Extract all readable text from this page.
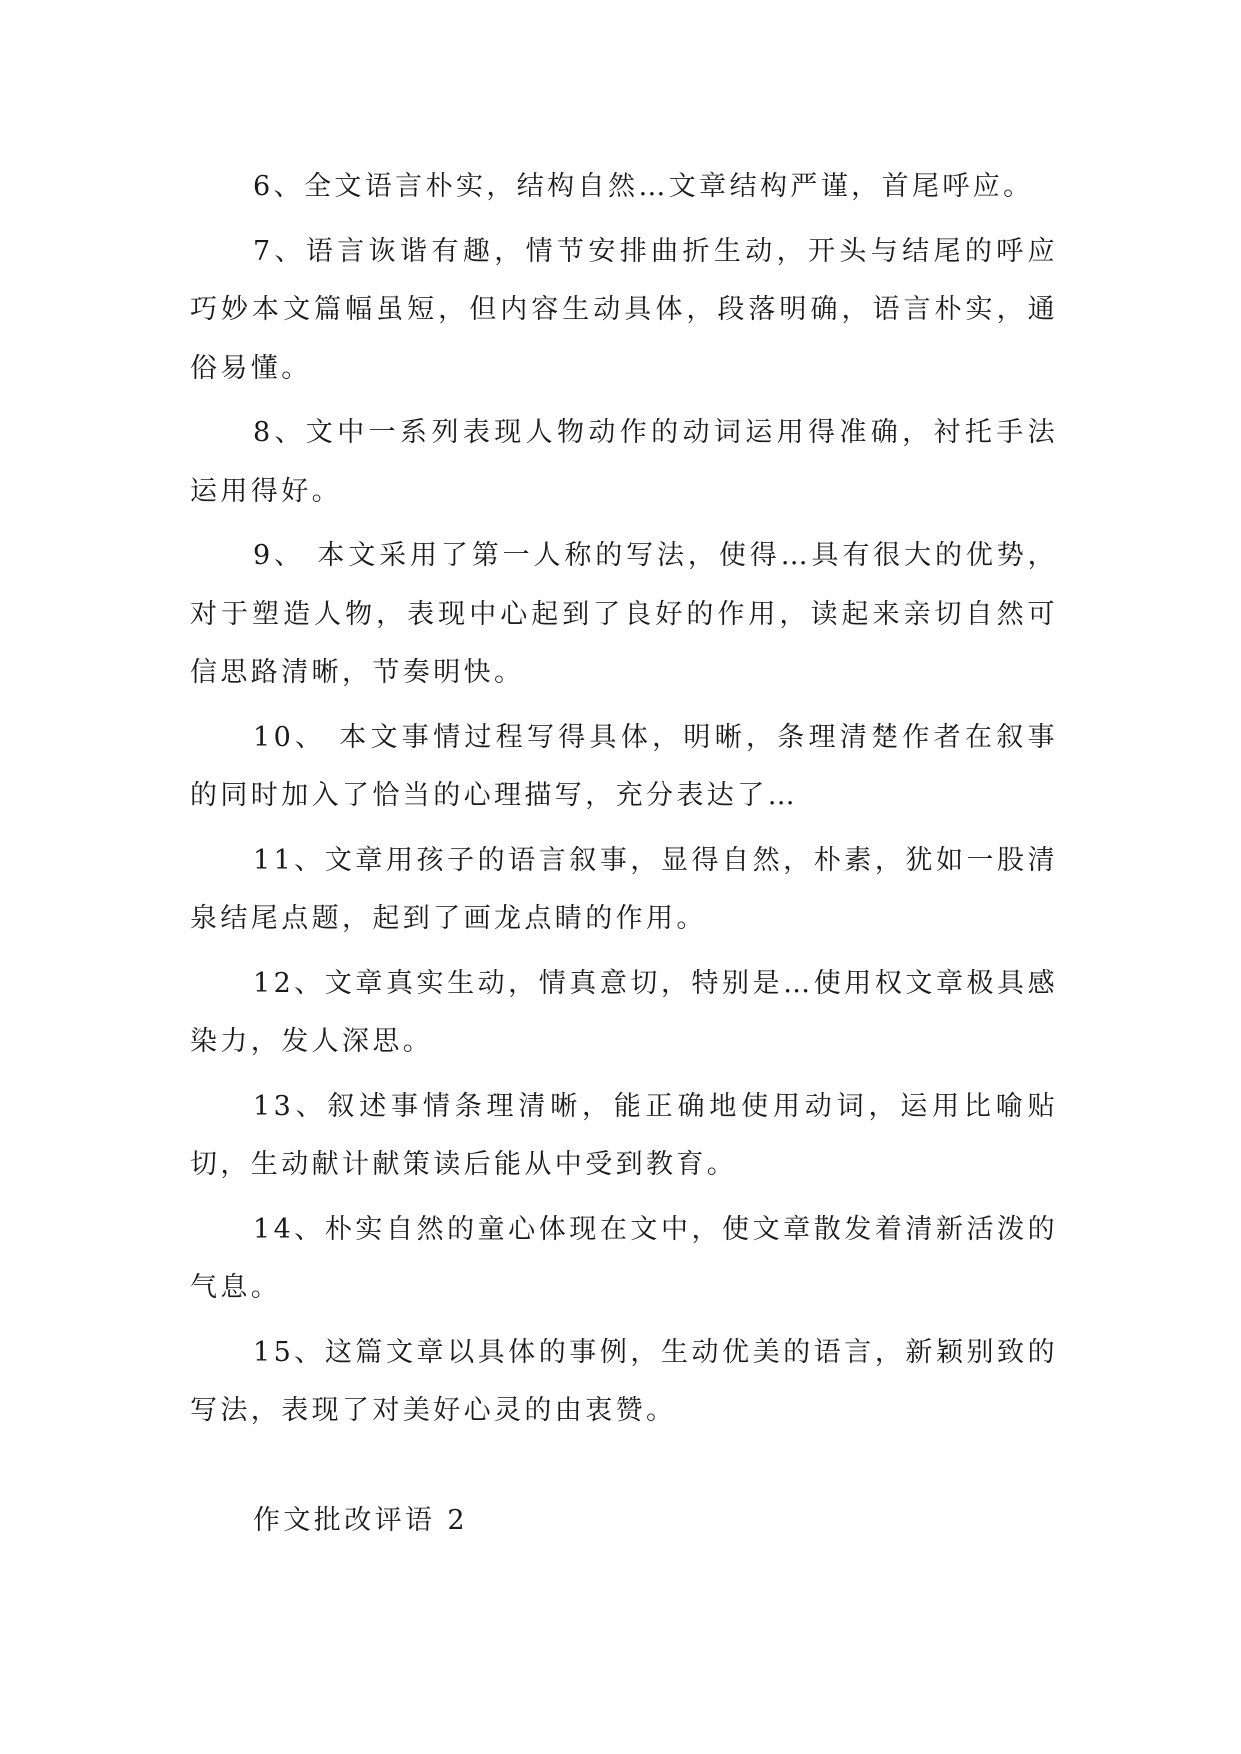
6、全文语言朴实，结构自然…文章结构严谨，首尾呼应。

7、语言诙谐有趣，情节安排曲折生动，开头与结尾的呼应巧妙本文篇幅虽短，但内容生动具体，段落明确，语言朴实，通俗易懂。

8、文中一系列表现人物动作的动词运用得准确，衬托手法运用得好。

9、 本文采用了第一人称的写法，使得…具有很大的优势，对于塑造人物，表现中心起到了良好的作用，读起来亲切自然可信思路清晰，节奏明快。

10、 本文事情过程写得具体，明晰，条理清楚作者在叙事的同时加入了恰当的心理描写，充分表达了…

11、文章用孩子的语言叙事，显得自然，朴素，犹如一股清泉结尾点题，起到了画龙点睛的作用。

12、文章真实生动，情真意切，特别是…使用权文章极具感染力，发人深思。

13、叙述事情条理清晰，能正确地使用动词，运用比喻贴切，生动献计献策读后能从中受到教育。

14、朴实自然的童心体现在文中，使文章散发着清新活泼的气息。

15、这篇文章以具体的事例，生动优美的语言，新颖别致的写法，表现了对美好心灵的由衷赞。

作文批改评语 2
